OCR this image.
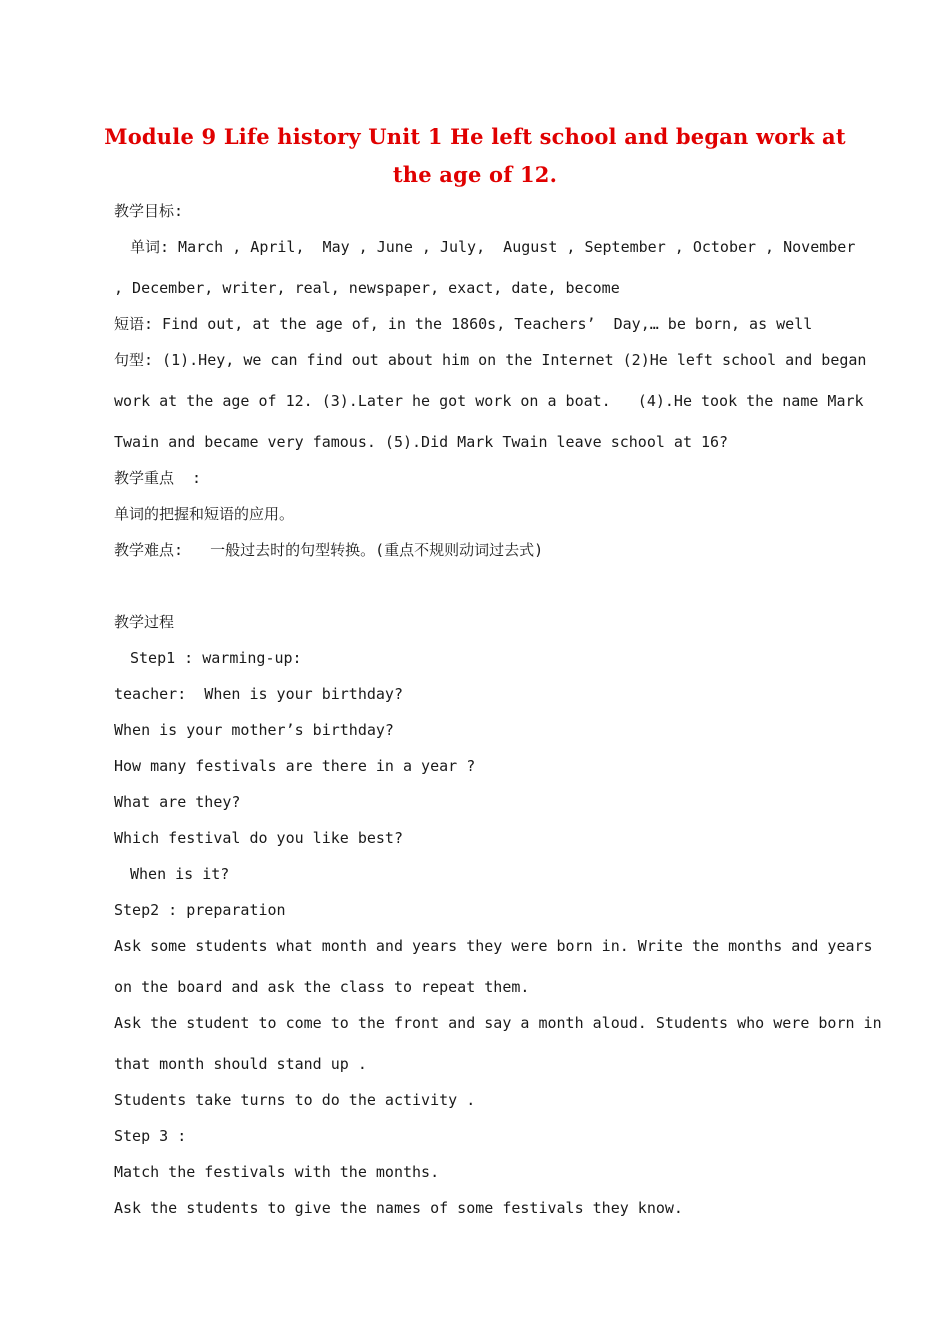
Module 9 Life history Unit 1 He left school and began work at
the age of 12.
教学目标:
单词: March , April,  May , June , July,  August , September , October , November
, December, writer, real, newspaper, exact, date, become
短语: Find out, at the age of, in the 1860s, Teachers’  Day,… be born, as well
句型: (1).Hey, we can find out about him on the Internet (2)He left school and began
work at the age of 12. (3).Later he got work on a boat.   (4).He took the name Mark
Twain and became very famous. (5).Did Mark Twain leave school at 16?
教学重点  :
单词的把握和短语的应用。
教学难点:   一般过去时的句型转换。(重点不规则动词过去式)
教学过程
Step1 : warming-up:
teacher:  When is your birthday?
When is your mother’s birthday?
How many festivals are there in a year ?
What are they?
Which festival do you like best?
When is it?
Step2 : preparation
Ask some students what month and years they were born in. Write the months and years
on the board and ask the class to repeat them.
Ask the student to come to the front and say a month aloud. Students who were born in
that month should stand up .
Students take turns to do the activity .
Step 3 :
Match the festivals with the months.
Ask the students to give the names of some festivals they know.
